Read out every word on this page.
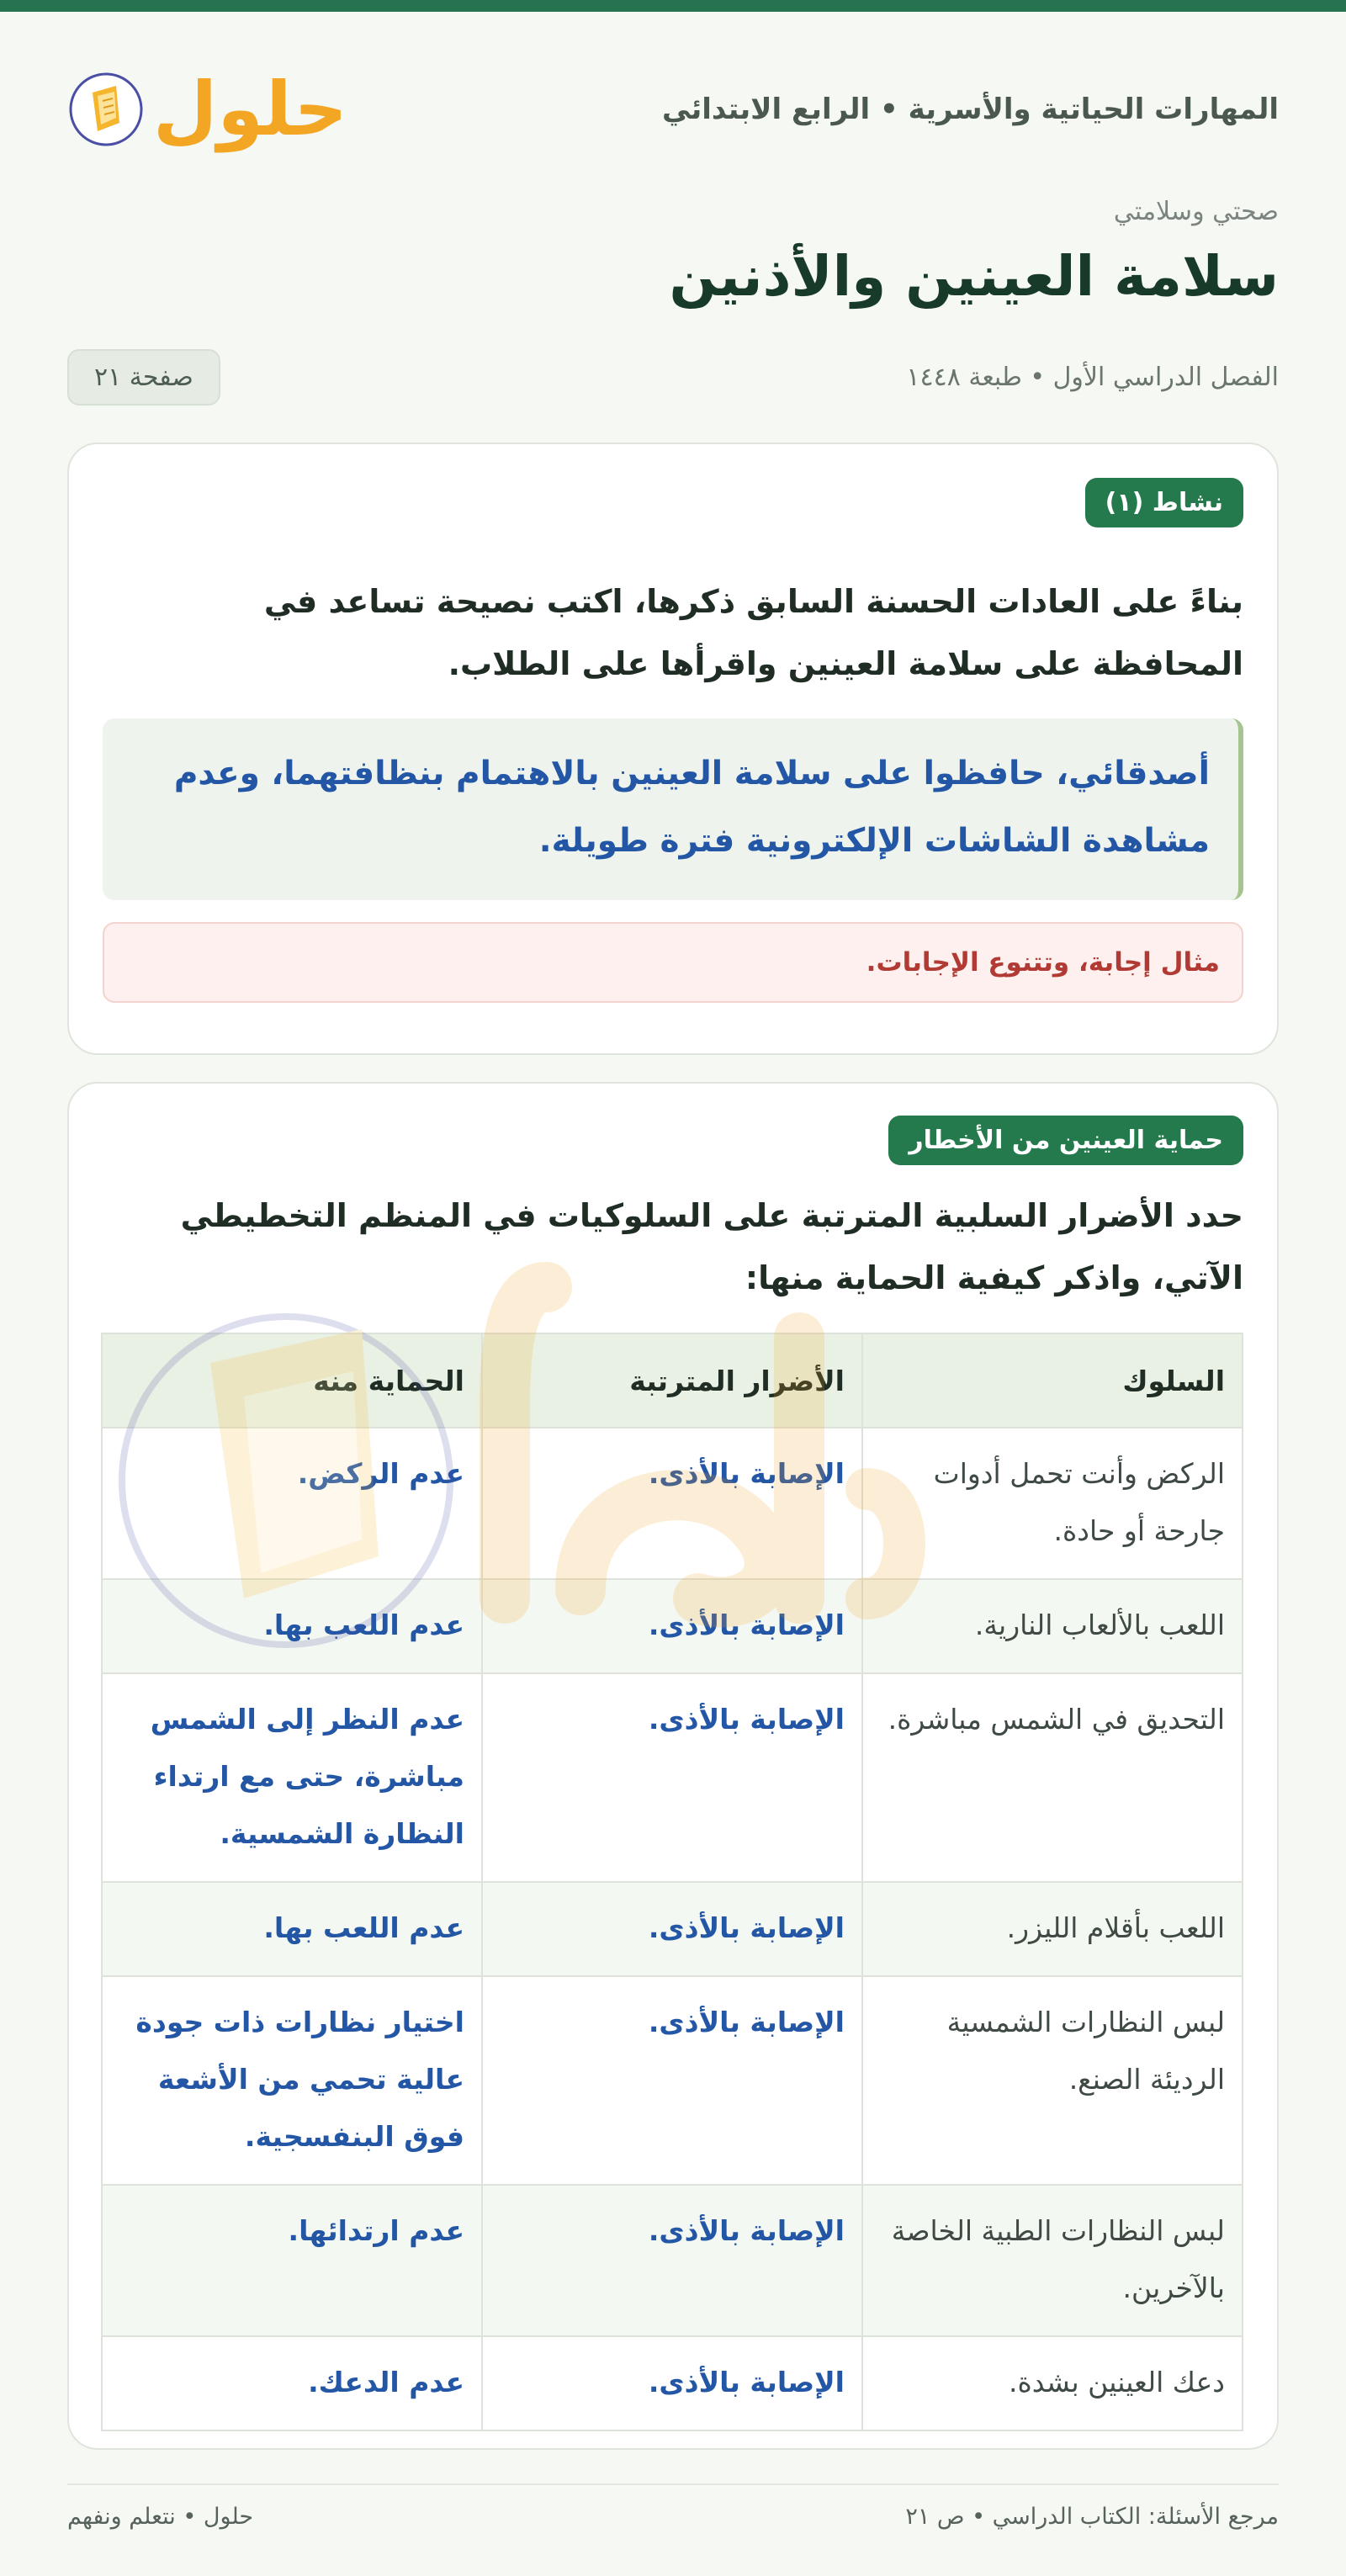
المهارات الحياتية والأسرية • الرابع الابتدائي
حلول
صحتي وسلامتي
سلامة العينين والأذنين
الفصل الدراسي الأول • طبعة ١٤٤٨
صفحة ٢١
نشاط (١)
بناءً على العادات الحسنة السابق ذكرها، اكتب نصيحة تساعد في المحافظة على سلامة العينين واقرأها على الطلاب.
أصدقائي، حافظوا على سلامة العينين بالاهتمام بنظافتهما، وعدم مشاهدة الشاشات الإلكترونية فترة طويلة.
مثال إجابة، وتتنوع الإجابات.
حماية العينين من الأخطار
حدد الأضرار السلبية المترتبة على السلوكيات في المنظم التخطيطي الآتي، واذكر كيفية الحماية منها:
السلوك	الأضرار المترتبة	الحماية منه
الركض وأنت تحمل أدوات جارحة أو حادة.	الإصابة بالأذى.	عدم الركض.
اللعب بالألعاب النارية.	الإصابة بالأذى.	عدم اللعب بها.
التحديق في الشمس مباشرة.	الإصابة بالأذى.	عدم النظر إلى الشمس مباشرة، حتى مع ارتداء النظارة الشمسية.
اللعب بأقلام الليزر.	الإصابة بالأذى.	عدم اللعب بها.
لبس النظارات الشمسية الرديئة الصنع.	الإصابة بالأذى.	اختيار نظارات ذات جودة عالية تحمي من الأشعة فوق البنفسجية.
لبس النظارات الطبية الخاصة بالآخرين.	الإصابة بالأذى.	عدم ارتدائها.
دعك العينين بشدة.	الإصابة بالأذى.	عدم الدعك.
مرجع الأسئلة: الكتاب الدراسي • ص ٢١
حلول • نتعلم ونفهم
